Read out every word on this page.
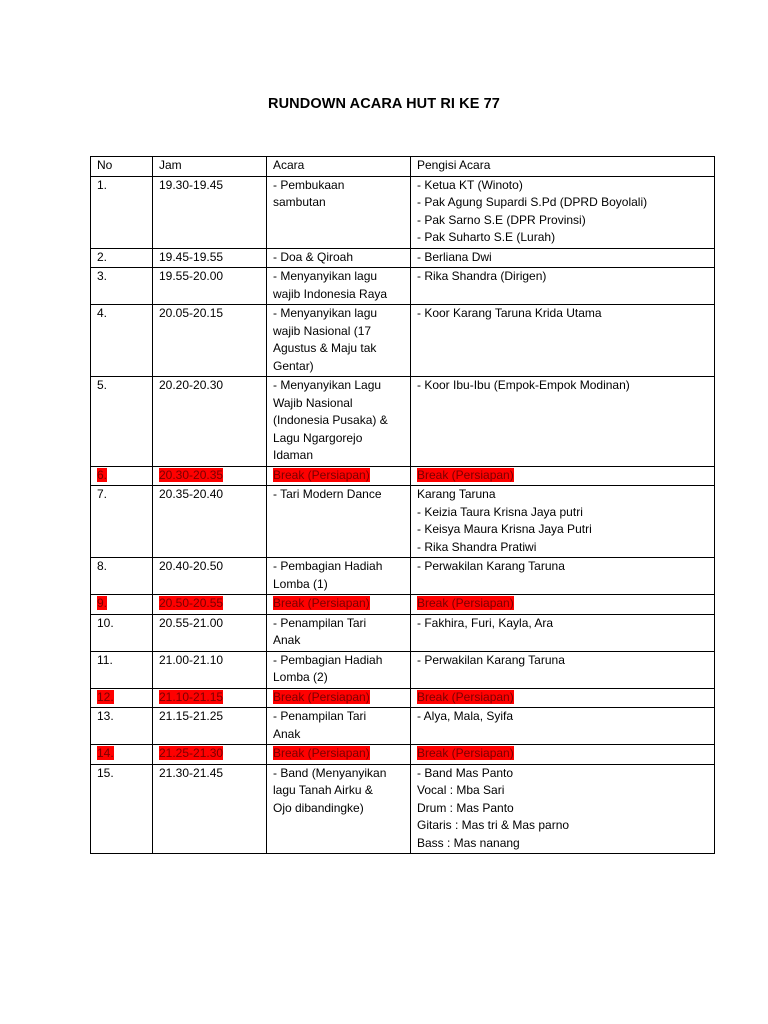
RUNDOWN ACARA HUT RI KE 77
No	Jam	Acara	Pengisi Acara
1.	19.30-19.45	- Pembukaan
sambutan	- Ketua KT (Winoto)
- Pak Agung Supardi S.Pd (DPRD Boyolali)
- Pak Sarno S.E (DPR Provinsi)
- Pak Suharto S.E (Lurah)

2.	19.45-19.55	- Doa & Qiroah	- Berliana Dwi

3.	19.55-20.00	- Menyanyikan lagu
wajib Indonesia Raya	- Rika Shandra (Dirigen)

4.	20.05-20.15	- Menyanyikan lagu
wajib Nasional (17
Agustus & Maju tak
Gentar)	- Koor Karang Taruna Krida Utama

5.	20.20-20.30	- Menyanyikan Lagu
Wajib Nasional
(Indonesia Pusaka) &
Lagu Ngargorejo
Idaman	- Koor Ibu-Ibu (Empok-Empok Modinan)

6.	20.30-20.35	Break (Persiapan)	Break (Persiapan)
7.	20.35-20.40	- Tari Modern Dance	Karang Taruna
- Keizia Taura Krisna Jaya putri
- Keisya Maura Krisna Jaya Putri
- Rika Shandra Pratiwi

8.	20.40-20.50	- Pembagian Hadiah
Lomba (1)	- Perwakilan Karang Taruna

9.	20.50-20.55	Break (Persiapan)	Break (Persiapan)
10.	20.55-21.00	- Penampilan Tari
Anak	- Fakhira, Furi, Kayla, Ara

11.	21.00-21.10	- Pembagian Hadiah
Lomba (2)	- Perwakilan Karang Taruna

12.	21.10-21.15	Break (Persiapan)	Break (Persiapan)
13.	21.15-21.25	- Penampilan Tari
Anak	- Alya, Mala, Syifa

14.	21.25-21.30	Break (Persiapan)	Break (Persiapan)
15.	21.30-21.45	- Band (Menyanyikan
lagu Tanah Airku &
Ojo dibandingke)	- Band Mas Panto
Vocal : Mba Sari
Drum : Mas Panto
Gitaris : Mas tri & Mas parno
Bass : Mas nanang
